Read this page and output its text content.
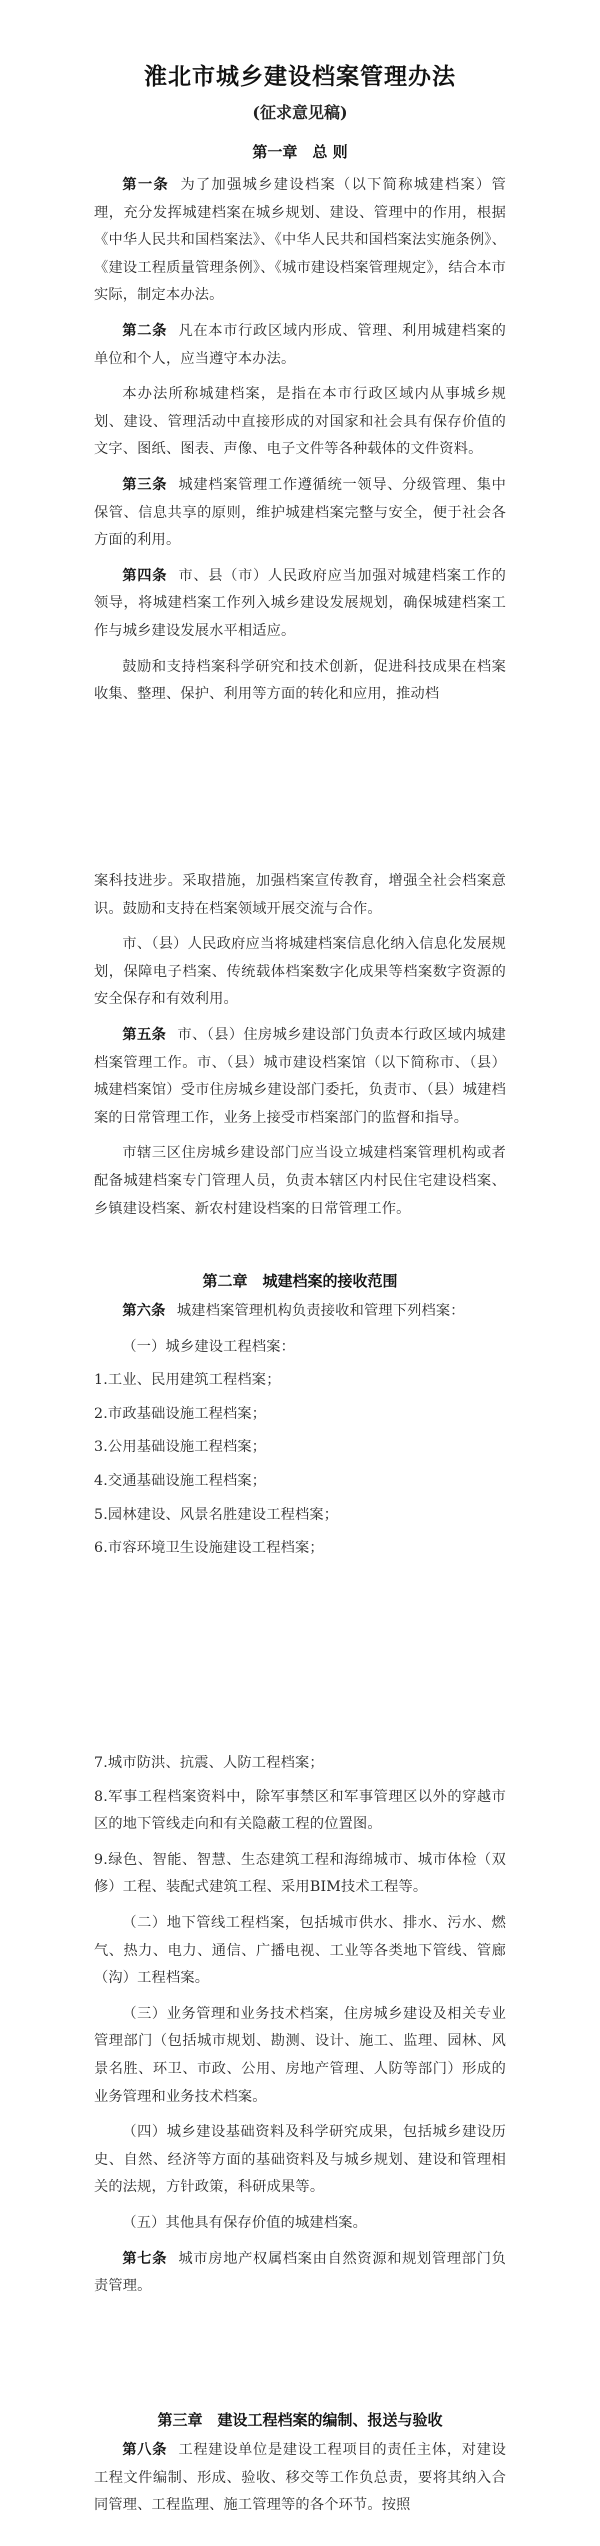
淮北市城乡建设档案管理办法
(征求意见稿)
第一章　总 则

第一条 为了加强城乡建设档案（以下简称城建档案）管理，充分发挥城建档案在城乡规划、建设、管理中的作用，根据《中华人民共和国档案法》、《中华人民共和国档案法实施条例》、《建设工程质量管理条例》、《城市建设档案管理规定》，结合本市实际，制定本办法。

第二条 凡在本市行政区域内形成、管理、利用城建档案的单位和个人，应当遵守本办法。

本办法所称城建档案，是指在本市行政区域内从事城乡规划、建设、管理活动中直接形成的对国家和社会具有保存价值的文字、图纸、图表、声像、电子文件等各种载体的文件资料。

第三条 城建档案管理工作遵循统一领导、分级管理、集中保管、信息共享的原则，维护城建档案完整与安全，便于社会各方面的利用。

第四条 市、县（市）人民政府应当加强对城建档案工作的领导，将城建档案工作列入城乡建设发展规划，确保城建档案工作与城乡建设发展水平相适应。

鼓励和支持档案科学研究和技术创新，促进科技成果在档案收集、整理、保护、利用等方面的转化和应用，推动档

案科技进步。采取措施，加强档案宣传教育，增强全社会档案意识。鼓励和支持在档案领域开展交流与合作。

市、（县）人民政府应当将城建档案信息化纳入信息化发展规划，保障电子档案、传统载体档案数字化成果等档案数字资源的安全保存和有效利用。

第五条 市、（县）住房城乡建设部门负责本行政区域内城建档案管理工作。市、（县）城市建设档案馆（以下简称市、（县）城建档案馆）受市住房城乡建设部门委托，负责市、（县）城建档案的日常管理工作，业务上接受市档案部门的监督和指导。

市辖三区住房城乡建设部门应当设立城建档案管理机构或者配备城建档案专门管理人员，负责本辖区内村民住宅建设档案、乡镇建设档案、新农村建设档案的日常管理工作。

第二章　城建档案的接收范围

第六条 城建档案管理机构负责接收和管理下列档案：

（一）城乡建设工程档案：

1.工业、民用建筑工程档案；

2.市政基础设施工程档案；

3.公用基础设施工程档案；

4.交通基础设施工程档案；

5.园林建设、风景名胜建设工程档案；

6.市容环境卫生设施建设工程档案；

7.城市防洪、抗震、人防工程档案；

8.军事工程档案资料中，除军事禁区和军事管理区以外的穿越市区的地下管线走向和有关隐蔽工程的位置图。

9.绿色、智能、智慧、生态建筑工程和海绵城市、城市体检（双修）工程、装配式建筑工程、采用BIM技术工程等。

（二）地下管线工程档案，包括城市供水、排水、污水、燃气、热力、电力、通信、广播电视、工业等各类地下管线、管廊（沟）工程档案。

（三）业务管理和业务技术档案，住房城乡建设及相关专业管理部门（包括城市规划、勘测、设计、施工、监理、园林、风景名胜、环卫、市政、公用、房地产管理、人防等部门）形成的业务管理和业务技术档案。

（四）城乡建设基础资料及科学研究成果，包括城乡建设历史、自然、经济等方面的基础资料及与城乡规划、建设和管理相关的法规，方针政策，科研成果等。

（五）其他具有保存价值的城建档案。

第七条 城市房地产权属档案由自然资源和规划管理部门负责管理。

第三章　建设工程档案的编制、报送与验收

第八条 工程建设单位是建设工程项目的责任主体，对建设工程文件编制、形成、验收、移交等工作负总责，要将其纳入合同管理、工程监理、施工管理等的各个环节。按照
